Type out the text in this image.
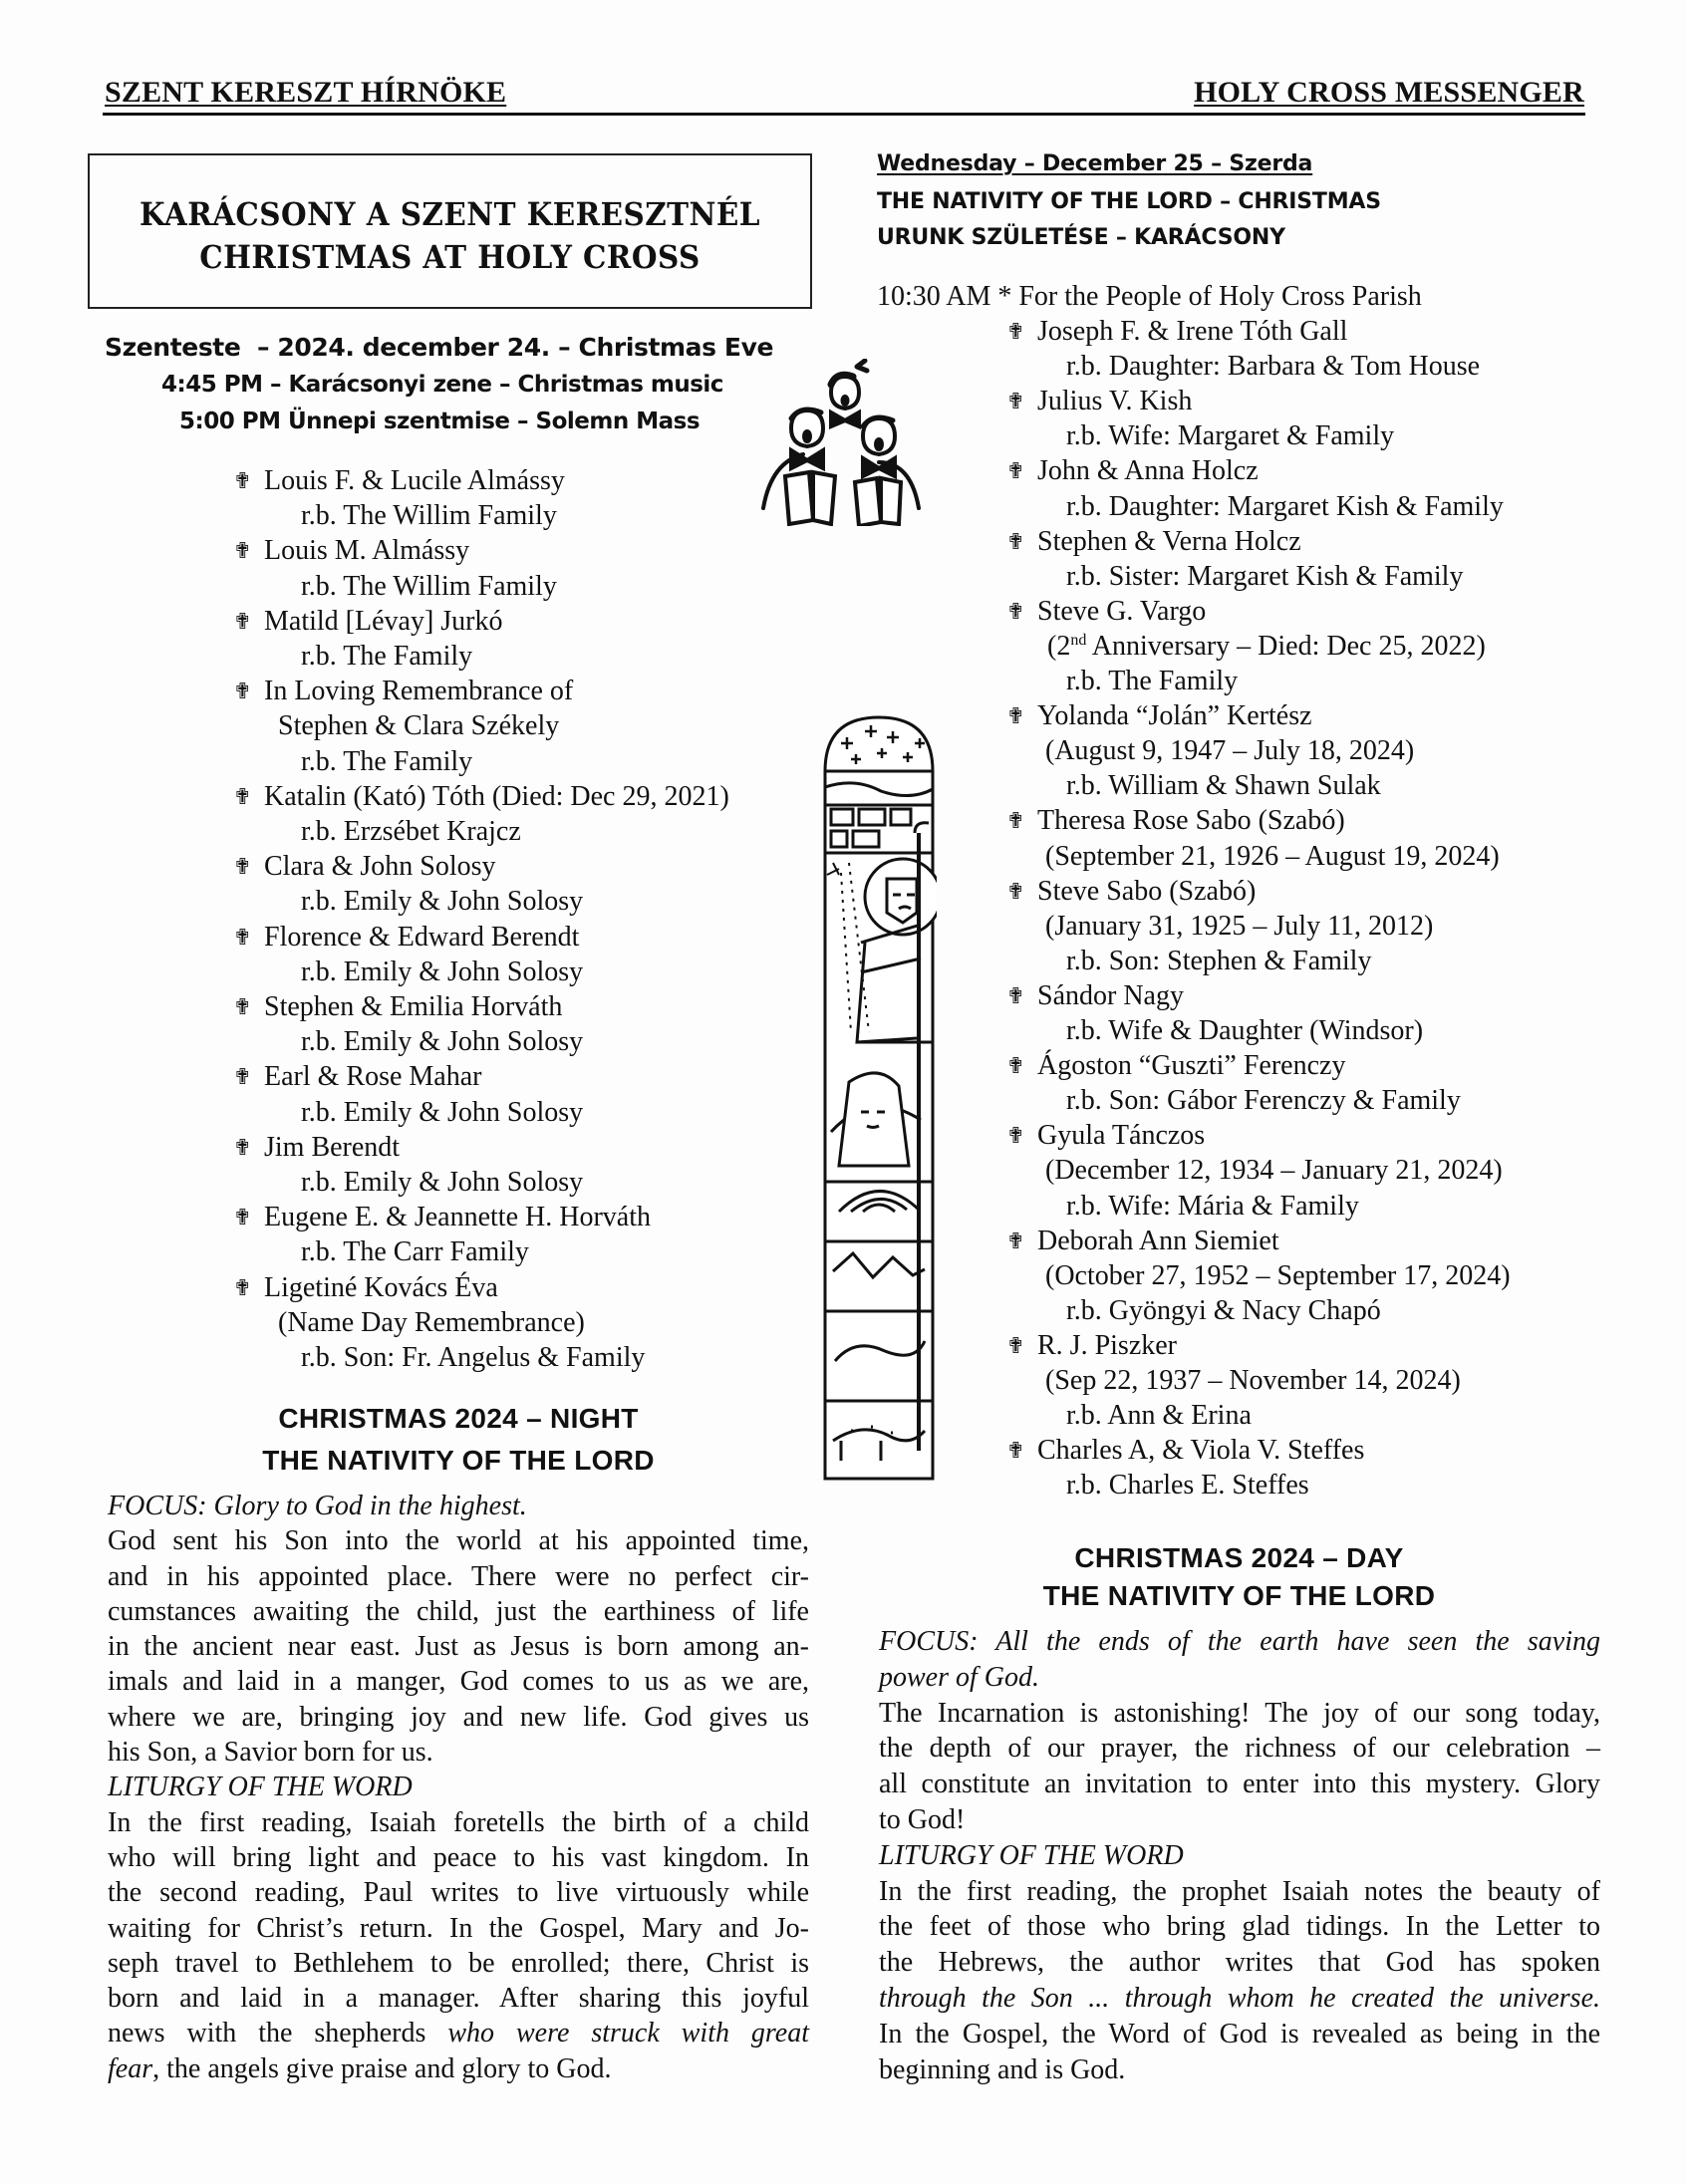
SZENT KERESZT HÍRNÖKE	HOLY CROSS MESSENGER
KARÁCSONY A SZENT KERESZTNÉL
CHRISTMAS AT HOLY CROSS
Szenteste  – 2024. december 24. – Christmas Eve
4:45 PM – Karácsonyi zene – Christmas music
5:00 PM Ünnepi szentmise – Solemn Mass
✟ Louis F. & Lucile Almássy
r.b. The Willim Family
✟ Louis M. Almássy
r.b. The Willim Family
✟ Matild [Lévay] Jurkó
r.b. The Family
✟ In Loving Remembrance of
Stephen & Clara Székely
r.b. The Family
✟ Katalin (Kató) Tóth (Died: Dec 29, 2021)
r.b. Erzsébet Krajcz
✟ Clara & John Solosy
r.b. Emily & John Solosy
✟ Florence & Edward Berendt
r.b. Emily & John Solosy
✟ Stephen & Emilia Horváth
r.b. Emily & John Solosy
✟ Earl & Rose Mahar
r.b. Emily & John Solosy
✟ Jim Berendt
r.b. Emily & John Solosy
✟ Eugene E. & Jeannette H. Horváth
r.b. The Carr Family
✟ Ligetiné Kovács Éva
(Name Day Remembrance)
r.b. Son: Fr. Angelus & Family
CHRISTMAS 2024 – NIGHT
THE NATIVITY OF THE LORD
FOCUS: Glory to God in the highest.
God sent his Son into the world at his appointed time,
and in his appointed place. There were no perfect cir-
cumstances awaiting the child, just the earthiness of life
in the ancient near east. Just as Jesus is born among an-
imals and laid in a manger, God comes to us as we are,
where we are, bringing joy and new life. God gives us
his Son, a Savior born for us.
LITURGY OF THE WORD
In the first reading, Isaiah foretells the birth of a child
who will bring light and peace to his vast kingdom. In
the second reading, Paul writes to live virtuously while
waiting for Christ’s return. In the Gospel, Mary and Jo-
seph travel to Bethlehem to be enrolled; there, Christ is
born and laid in a manager. After sharing this joyful
news with the shepherds who were struck with great
fear, the angels give praise and glory to God.
Wednesday – December 25 – Szerda
THE NATIVITY OF THE LORD – CHRISTMAS
URUNK SZÜLETÉSE – KARÁCSONY
10:30 AM * For the People of Holy Cross Parish
✟ Joseph F. & Irene Tóth Gall
r.b. Daughter: Barbara & Tom House
✟ Julius V. Kish
r.b. Wife: Margaret & Family
✟ John & Anna Holcz
r.b. Daughter: Margaret Kish & Family
✟ Stephen & Verna Holcz
r.b. Sister: Margaret Kish & Family
✟ Steve G. Vargo
(2nd Anniversary – Died: Dec 25, 2022)
r.b. The Family
✟ Yolanda “Jolán” Kertész
(August 9, 1947 – July 18, 2024)
r.b. William & Shawn Sulak
✟ Theresa Rose Sabo (Szabó)
(September 21, 1926 – August 19, 2024)
✟ Steve Sabo (Szabó)
(January 31, 1925 – July 11, 2012)
r.b. Son: Stephen & Family
✟ Sándor Nagy
r.b. Wife & Daughter (Windsor)
✟ Ágoston “Guszti” Ferenczy
r.b. Son: Gábor Ferenczy & Family
✟ Gyula Tánczos
(December 12, 1934 – January 21, 2024)
r.b. Wife: Mária & Family
✟ Deborah Ann Siemiet
(October 27, 1952 – September 17, 2024)
r.b. Gyöngyi & Nacy Chapó
✟ R. J. Piszker
(Sep 22, 1937 – November 14, 2024)
r.b. Ann & Erina
✟ Charles A, & Viola V. Steffes
r.b. Charles E. Steffes
CHRISTMAS 2024 – DAY
THE NATIVITY OF THE LORD
FOCUS: All the ends of the earth have seen the saving
power of God.
The Incarnation is astonishing! The joy of our song today,
the depth of our prayer, the richness of our celebration –
all constitute an invitation to enter into this mystery. Glory
to God!
LITURGY OF THE WORD
In the first reading, the prophet Isaiah notes the beauty of
the feet of those who bring glad tidings. In the Letter to
the Hebrews, the author writes that God has spoken
through the Son ... through whom he created the universe.
In the Gospel, the Word of God is revealed as being in the
beginning and is God.
